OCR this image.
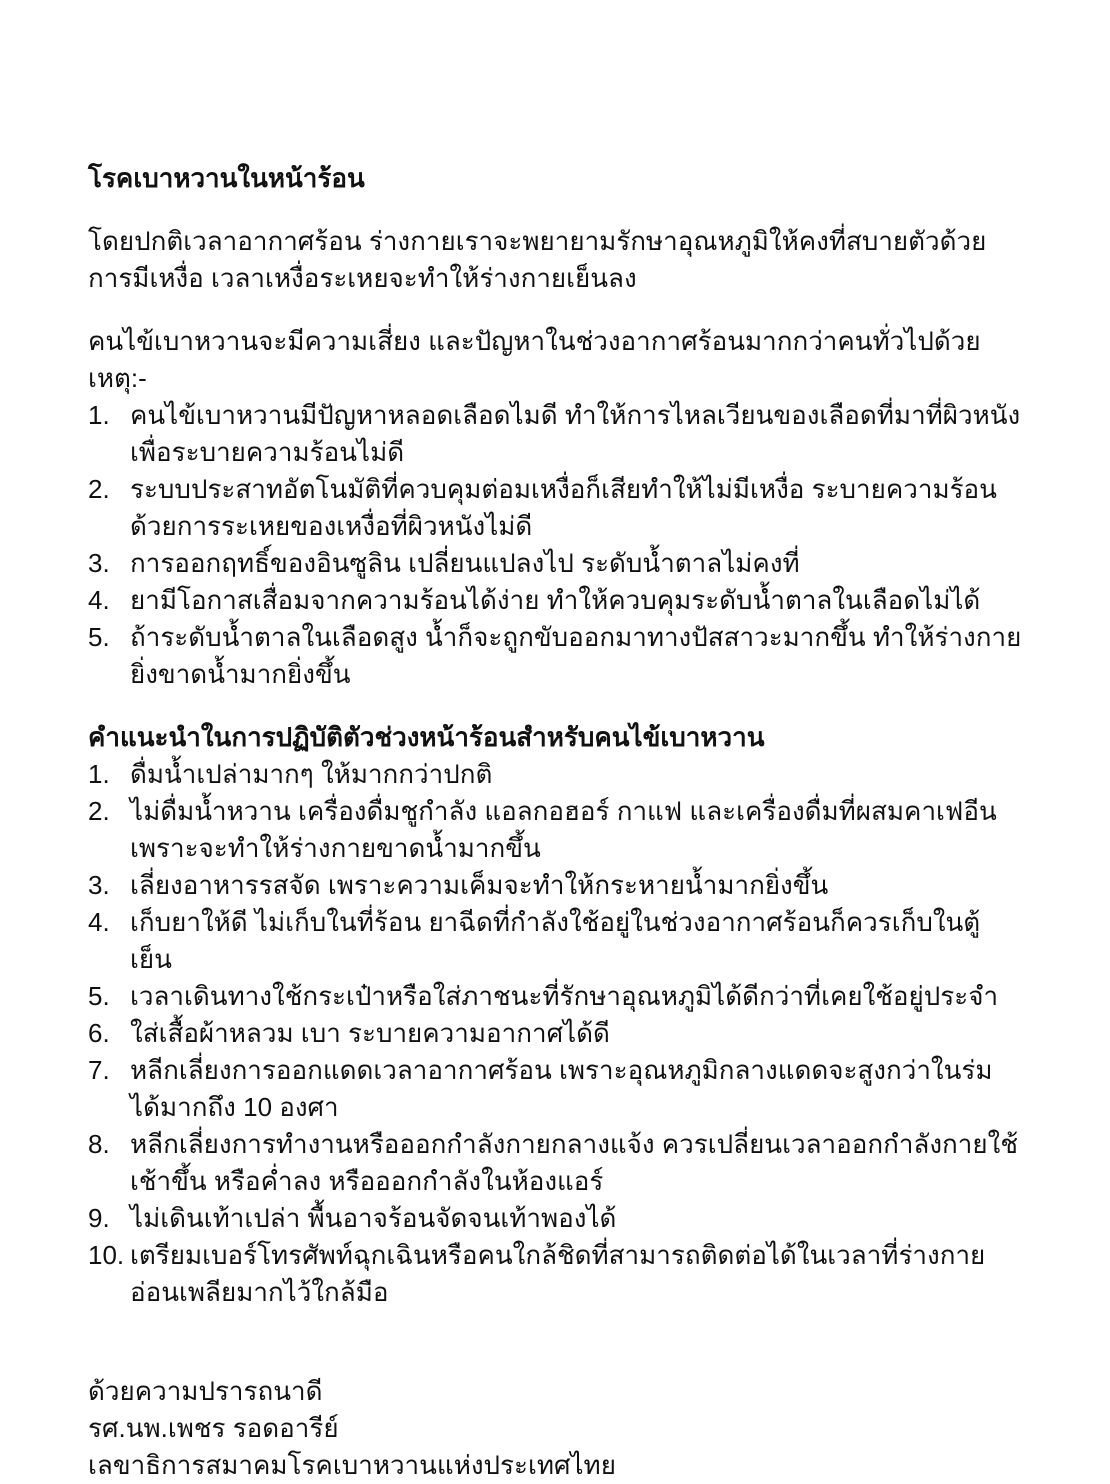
โรคเบาหวานในหน้าร้อน

โดยปกติเวลาอากาศร้อน ร่างกายเราจะพยายามรักษาอุณหภูมิให้คงที่สบายตัวด้วยการมีเหงื่อ เวลาเหงื่อระเหยจะทำให้ร่างกายเย็นลง

คนไข้เบาหวานจะมีความเสี่ยง และปัญหาในช่วงอากาศร้อนมากกว่าคนทั่วไปด้วยเหตุ:-

1. คนไข้เบาหวานมีปัญหาหลอดเลือดไมดี ทำให้การไหลเวียนของเลือดที่มาที่ผิวหนังเพื่อระบายความร้อนไม่ดี
2. ระบบประสาทอัตโนมัติที่ควบคุมต่อมเหงื่อก็เสียทำให้ไม่มีเหงื่อ ระบายความร้อนด้วยการระเหยของเหงื่อที่ผิวหนังไม่ดี
3. การออกฤทธิ์ของอินซูลิน เปลี่ยนแปลงไป ระดับน้ำตาลไม่คงที่
4. ยามีโอกาสเสื่อมจากความร้อนได้ง่าย ทำให้ควบคุมระดับน้ำตาลในเลือดไม่ได้
5. ถ้าระดับน้ำตาลในเลือดสูง น้ำก็จะถูกขับออกมาทางปัสสาวะมากขึ้น ทำให้ร่างกายยิ่งขาดน้ำมากยิ่งขึ้น
คำแนะนำในการปฏิบัติตัวช่วงหน้าร้อนสำหรับคนไข้เบาหวาน
1. ดื่มน้ำเปล่ามากๆ ให้มากกว่าปกติ
2. ไม่ดื่มน้ำหวาน เครื่องดื่มชูกำลัง แอลกอฮอร์ กาแฟ และเครื่องดื่มที่ผสมคาเฟอีน เพราะจะทำให้ร่างกายขาดน้ำมากขึ้น
3. เลี่ยงอาหารรสจัด เพราะความเค็มจะทำให้กระหายน้ำมากยิ่งขึ้น
4. เก็บยาให้ดี ไม่เก็บในที่ร้อน ยาฉีดที่กำลังใช้อยู่ในช่วงอากาศร้อนก็ควรเก็บในตู้เย็น
5. เวลาเดินทางใช้กระเป๋าหรือใส่ภาชนะที่รักษาอุณหภูมิได้ดีกว่าที่เคยใช้อยู่ประจำ
6. ใส่เสื้อผ้าหลวม เบา ระบายความอากาศได้ดี
7. หลีกเลี่ยงการออกแดดเวลาอากาศร้อน เพราะอุณหภูมิกลางแดดจะสูงกว่าในร่มได้มากถึง 10 องศา
8. หลีกเลี่ยงการทำงานหรือออกกำลังกายกลางแจ้ง ควรเปลี่ยนเวลาออกกำลังกายใช้เช้าขึ้น หรือค่ำลง หรือออกกำลังในห้องแอร์
9. ไม่เดินเท้าเปล่า พื้นอาจร้อนจัดจนเท้าพองได้
10. เตรียมเบอร์โทรศัพท์ฉุกเฉินหรือคนใกล้ชิดที่สามารถติดต่อได้ในเวลาที่ร่างกายอ่อนเพลียมากไว้ใกล้มือ

ด้วยความปรารถนาดี

รศ.นพ.เพชร รอดอารีย์

เลขาธิการสมาคมโรคเบาหวานแห่งประเทศไทย
